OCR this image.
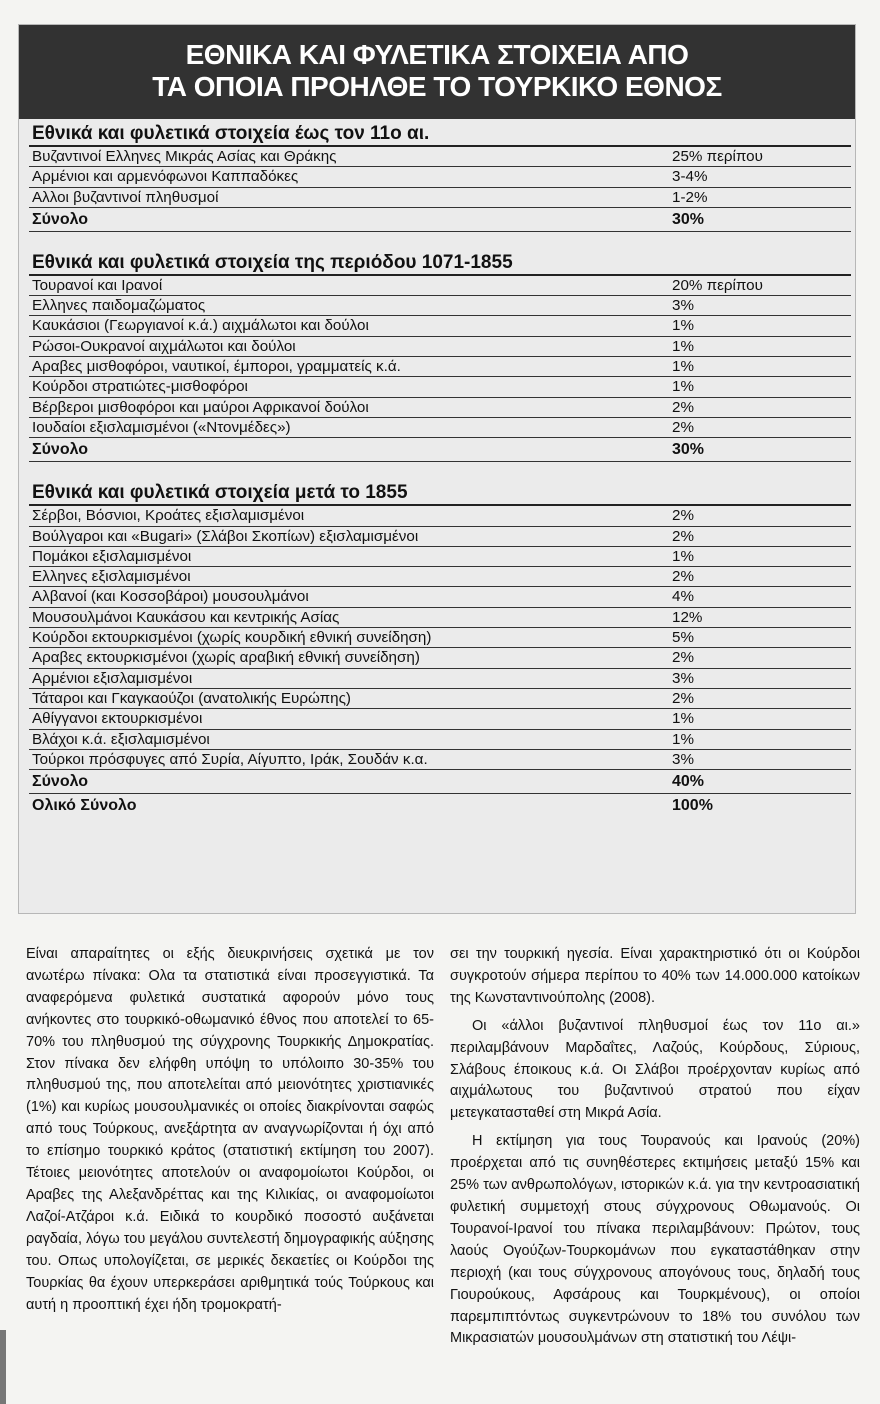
ΕΘΝΙΚΑ ΚΑΙ ΦΥΛΕΤΙΚΑ ΣΤΟΙΧΕΙΑ ΑΠΟ
ΤΑ ΟΠΟΙΑ ΠΡΟΗΛΘΕ ΤΟ ΤΟΥΡΚΙΚΟ ΕΘΝΟΣ
Εθνικά και φυλετικά στοιχεία έως τον 11ο αι.
Βυζαντινοί Ελληνες Μικράς Ασίας και Θράκης	25% περίπου
Αρμένιοι και αρμενόφωνοι Καππαδόκες	3-4%
Αλλοι βυζαντινοί πληθυσμοί	1-2%
Σύνολο	30%
Εθνικά και φυλετικά στοιχεία της περιόδου 1071-1855
Τουρανοί και Ιρανοί	20% περίπου
Ελληνες παιδομαζώματος	3%
Καυκάσιοι (Γεωργιανοί κ.ά.) αιχμάλωτοι και δούλοι	1%
Ρώσοι-Ουκρανοί αιχμάλωτοι και δούλοι	1%
Αραβες μισθοφόροι, ναυτικοί, έμποροι, γραμματείς κ.ά.	1%
Κούρδοι στρατιώτες-μισθοφόροι	1%
Βέρβεροι μισθοφόροι και μαύροι Αφρικανοί δούλοι	2%
Ιουδαίοι εξισλαμισμένοι («Ντονμέδες»)	2%
Σύνολο	30%
Εθνικά και φυλετικά στοιχεία μετά το 1855
Σέρβοι, Βόσνιοι, Κροάτες εξισλαμισμένοι	2%
Βούλγαροι και «Bugari» (Σλάβοι Σκοπίων) εξισλαμισμένοι	2%
Πομάκοι εξισλαμισμένοι	1%
Ελληνες εξισλαμισμένοι	2%
Αλβανοί (και Κοσσοβάροι) μουσουλμάνοι	4%
Μουσουλμάνοι Καυκάσου και κεντρικής Ασίας	12%
Κούρδοι εκτουρκισμένοι (χωρίς κουρδική εθνική συνείδηση)	5%
Αραβες εκτουρκισμένοι (χωρίς αραβική εθνική συνείδηση)	2%
Αρμένιοι εξισλαμισμένοι	3%
Τάταροι και Γκαγκαούζοι (ανατολικής Ευρώπης)	2%
Αθίγγανοι εκτουρκισμένοι	1%
Βλάχοι κ.ά. εξισλαμισμένοι	1%
Τούρκοι πρόσφυγες από Συρία, Αίγυπτο, Ιράκ, Σουδάν κ.α.	3%
Σύνολο	40%
Ολικό Σύνολο	100%

Είναι απαραίτητες οι εξής διευκρινήσεις σχετικά με τον ανωτέρω πίνακα: Ολα τα στατιστικά είναι προσεγγιστικά. Τα αναφερόμενα φυλετικά συστατικά αφορούν μόνο τους ανήκοντες στο τουρκικό-οθωμανικό έθνος που αποτελεί το 65-70% του πληθυσμού της σύγχρονης Τουρκικής Δημοκρατίας. Στον πίνακα δεν ελήφθη υπόψη το υπόλοιπο 30-35% του πληθυσμού της, που αποτελείται από μειονότητες χριστιανικές (1%) και κυρίως μουσουλμανικές οι οποίες διακρίνονται σαφώς από τους Τούρκους, ανεξάρτητα αν αναγνωρίζονται ή όχι από το επίσημο τουρκικό κράτος (στατιστική εκτίμηση του 2007). Τέτοιες μειονότητες αποτελούν οι αναφομοίωτοι Κούρδοι, οι Αραβες της Αλεξανδρέττας και της Κιλικίας, οι αναφομοίωτοι Λαζοί-Ατζάροι κ.ά. Ειδικά το κουρδικό ποσοστό αυξάνεται ραγδαία, λόγω του μεγάλου συντελεστή δημογραφικής αύξησης του. Οπως υπολογίζεται, σε μερικές δεκαετίες οι Κούρδοι της Τουρκίας θα έχουν υπερκεράσει αριθμητικά τούς Τούρκους και αυτή η προοπτική έχει ήδη τρομοκρατή-

σει την τουρκική ηγεσία. Είναι χαρακτηριστικό ότι οι Κούρδοι συγκροτούν σήμερα περίπου το 40% των 14.000.000 κατοίκων της Κωνσταντινούπολης (2008).

Οι «άλλοι βυζαντινοί πληθυσμοί έως τον 11ο αι.» περιλαμβάνουν Μαρδαΐτες, Λαζούς, Κούρδους, Σύριους, Σλάβους έποικους κ.ά. Οι Σλάβοι προέρχονταν κυρίως από αιχμάλωτους του βυζαντινού στρατού που είχαν μετεγκατασταθεί στη Μικρά Ασία.

Η εκτίμηση για τους Τουρανούς και Ιρανούς (20%) προέρχεται από τις συνηθέστερες εκτιμήσεις μεταξύ 15% και 25% των ανθρωπολόγων, ιστορικών κ.ά. για την κεντροασιατική φυλετική συμμετοχή στους σύγχρονους Οθωμανούς. Οι Τουρανοί-Ιρανοί του πίνακα περιλαμβάνουν: Πρώτον, τους λαούς Ογούζων-Τουρκομάνων που εγκαταστάθηκαν στην περιοχή (και τους σύγχρονους απογόνους τους, δηλαδή τους Γιουρούκους, Αφσάρους και Τουρκμένους), οι οποίοι παρεμπιπτόντως συγκεντρώνουν το 18% του συνόλου των Μικρασιατών μουσουλμάνων στη στατιστική του Λέψι-
